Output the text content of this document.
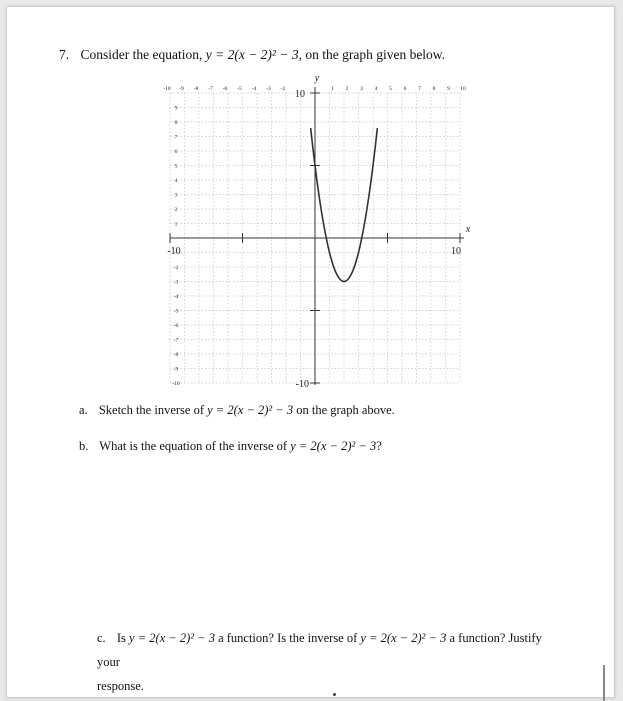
7. Consider the equation, y = 2(x − 2)² − 3, on the graph given below.
-10 -9 -8 -7 -6 -5 -4 -3 -2	1 2 3 4 5 6 7 8 9 10
9
8
7
6
5
4
3
2
1
-2
-3
-4
-5
-6
-7
-8
-9
-10
-10	10
10
-10
x
y
a. Sketch the inverse of y = 2(x − 2)² − 3 on the graph above.
b. What is the equation of the inverse of y = 2(x − 2)² − 3?
c. Is y = 2(x − 2)² − 3 a function? Is the inverse of y = 2(x − 2)² − 3 a function? Justify your
response.
